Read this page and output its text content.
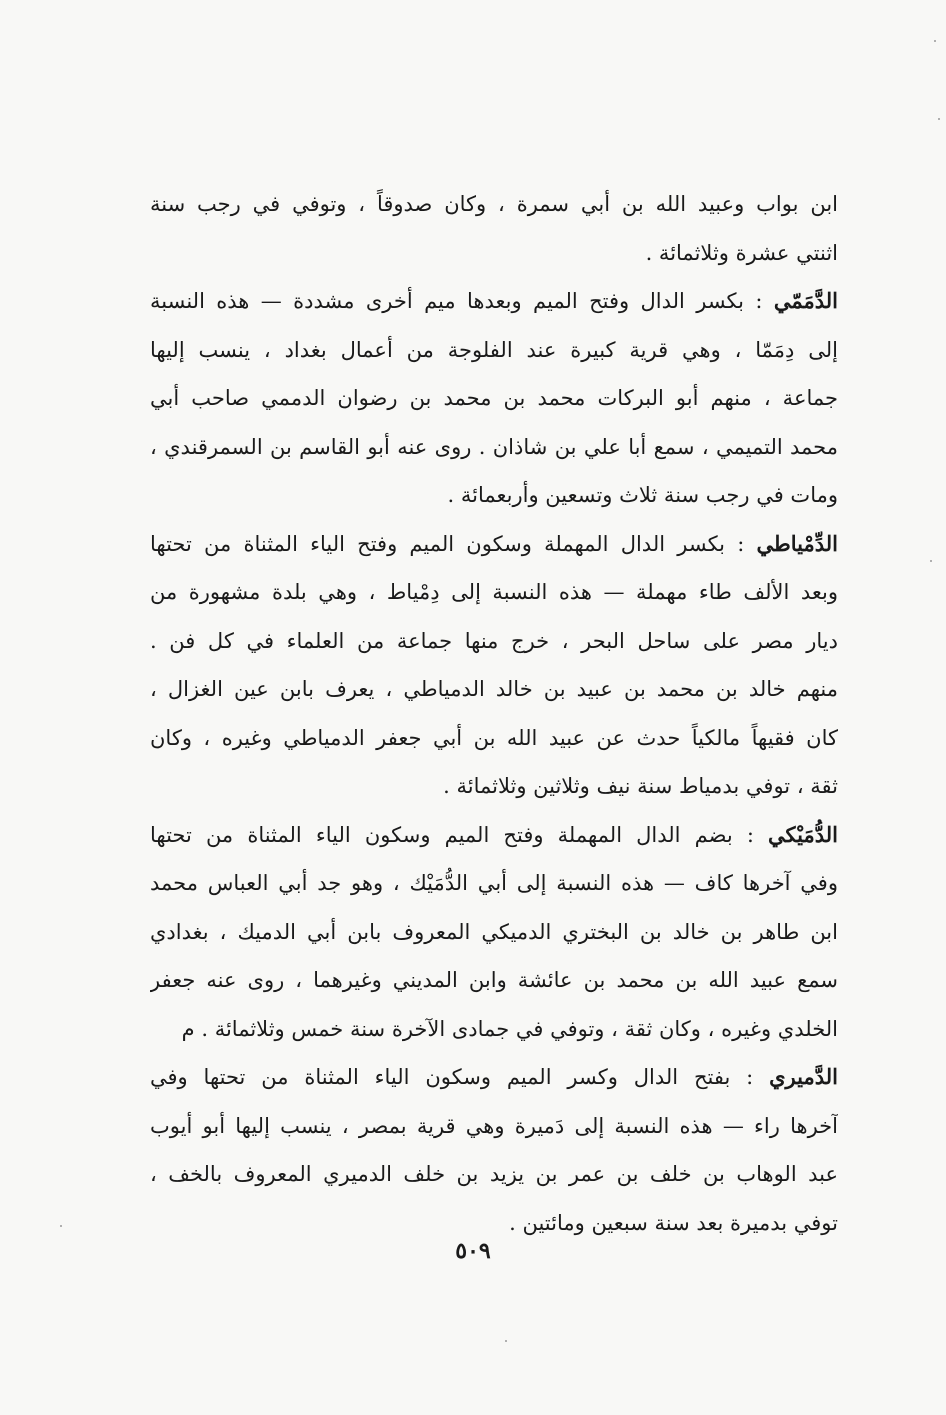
ابن بواب وعبيد الله بن أبي سمرة ، وكان صدوقاً ، وتوفي في رجب سنة
اثنتي عشرة وثلاثمائة .
الدَّمَمّي : بكسر الدال وفتح الميم وبعدها ميم أخرى مشددة — هذه النسبة
إلى دِمَمّا ، وهي قرية كبيرة عند الفلوجة من أعمال بغداد ، ينسب إليها
جماعة ، منهم أبو البركات محمد بن محمد بن رضوان الدممي صاحب أبي
محمد التميمي ، سمع أبا علي بن شاذان . روى عنه أبو القاسم بن السمرقندي ،
ومات في رجب سنة ثلاث وتسعين وأربعمائة .
الدِّمْياطي : بكسر الدال المهملة وسكون الميم وفتح الياء المثناة من تحتها
وبعد الألف طاء مهملة — هذه النسبة إلى دِمْياط ، وهي بلدة مشهورة من
ديار مصر على ساحل البحر ، خرج منها جماعة من العلماء في كل فن .
منهم خالد بن محمد بن عبيد بن خالد الدمياطي ، يعرف بابن عين الغزال ،
كان فقيهاً مالكياً حدث عن عبيد الله بن أبي جعفر الدمياطي وغيره ، وكان
ثقة ، توفي بدمياط سنة نيف وثلاثين وثلاثمائة .
الدُّمَيْكي : بضم الدال المهملة وفتح الميم وسكون الياء المثناة من تحتها
وفي آخرها كاف — هذه النسبة إلى أبي الدُّمَيْك ، وهو جد أبي العباس محمد
ابن طاهر بن خالد بن البختري الدميكي المعروف بابن أبي الدميك ، بغدادي
سمع عبيد الله بن محمد بن عائشة وابن المديني وغيرهما ، روى عنه جعفر
الخلدي وغيره ، وكان ثقة ، وتوفي في جمادى الآخرة سنة خمس وثلاثمائة . م
الدَّميري : بفتح الدال وكسر الميم وسكون الياء المثناة من تحتها وفي
آخرها راء — هذه النسبة إلى دَميرة وهي قرية بمصر ، ينسب إليها أبو أيوب
عبد الوهاب بن خلف بن عمر بن يزيد بن خلف الدميري المعروف بالخف ،
توفي بدميرة بعد سنة سبعين ومائتين .
٥٠٩
